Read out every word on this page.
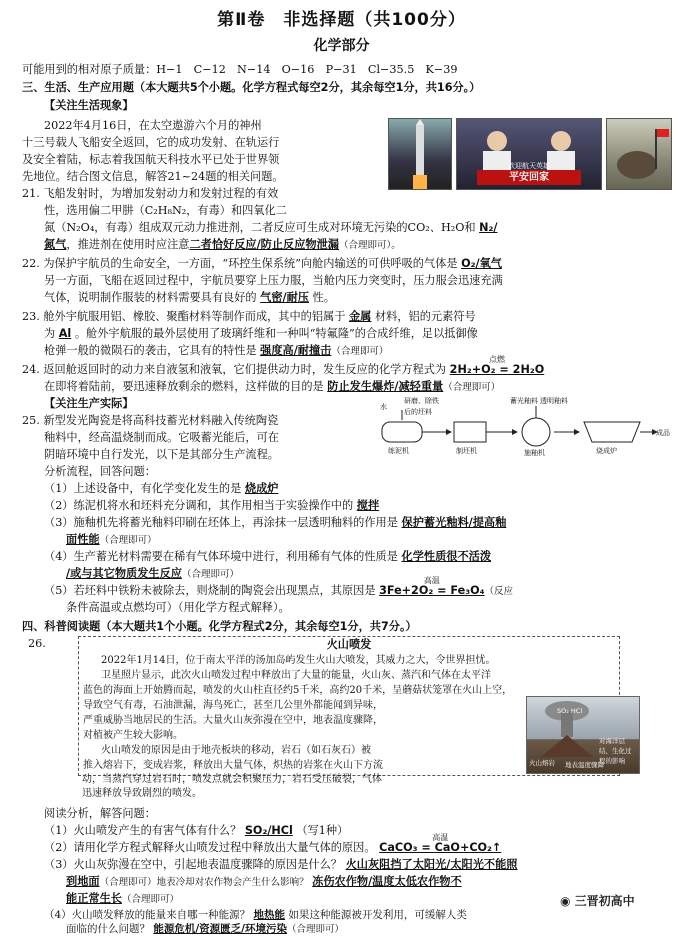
第Ⅱ卷　非选择题（共100分）
化学部分
可能用到的相对原子质量：H−1　C−12　N−14　O−16　P−31　Cl−35.5　K−39
三、生活、生产应用题（本大题共5个小题。化学方程式每空2分，其余每空1分，共16分。）
【关注生活现象】
2022年4月16日，在太空遨游六个月的神州
十三号载人飞船安全返回，它的成功发射、在轨运行
及安全着陆，标志着我国航天科技水平已处于世界领
先地位。结合图文信息，解答21~24题的相关问题。
欢迎航天英雄
平安回家
21. 飞船发射时，为增加发射动力和发射过程的有效
性，选用偏二甲肼（C₂H₈N₂，有毒）和四氧化二
氮（N₂O₄，有毒）组成双元动力推进剂，二者反应可生成对环境无污染的CO₂、H₂O和 N₂/
氮气，推进剂在使用时应注意二者恰好反应/防止反应物泄漏（合理即可）。
22. 为保护宇航员的生命安全，一方面，“环控生保系统”向舱内输送的可供呼吸的气体是 O₂/氧气
另一方面，飞船在返回过程中，宇航员要穿上压力服，当舱内压力突变时，压力服会迅速充满
气体，说明制作服装的材料需要具有良好的 气密/耐压 性。
23. 舱外宇航服用铝、橡胶、聚酯材料等制作而成，其中的铝属于 金属 材料，铝的元素符号
为 Al 。舱外宇航服的最外层使用了玻璃纤维和一种叫“特氟隆”的合成纤维，足以抵御像
枪弹一般的微陨石的袭击，它具有的特性是 强度高/耐撞击（合理即可）
24. 返回舱返回时的动力来自液氢和液氧，它们提供动力时，发生反应的化学方程式为
点燃
2H₂+O₂ = 2H₂O
在即将着陆前，要迅速释放剩余的燃料，这样做的目的是 防止发生爆炸/减轻重量（合理即可）
【关注生产实际】
25. 新型发光陶瓷是将高科技蓄光材料融入传统陶瓷
釉料中，经高温烧制而成。它吸蓄光能后，可在
阴暗环境中自行发光，以下是其部分生产流程。
分析流程，回答问题：
水
研磨、除铁后的坯料
蓄光釉料 透明釉料
练泥机	制坯机	施釉机	烧成炉
成品
（1）上述设备中，有化学变化发生的是 烧成炉
（2）练泥机将水和坯料充分调和，其作用相当于实验操作中的 搅拌
（3）施釉机先将蓄光釉料印刷在坯体上，再涂抹一层透明釉料的作用是 保护蓄光釉料/提高釉
面性能（合理即可）
（4）生产蓄光材料需要在稀有气体环境中进行，利用稀有气体的性质是 化学性质很不活泼
/或与其它物质发生反应（合理即可）
（5）若坯料中铁粉未被除去，则烧制的陶瓷会出现黑点，其原因是
高温
3Fe+2O₂ = Fe₃O₄（反应
条件高温或点燃均可）（用化学方程式解释）。
四、科普阅读题（本大题共1个小题。化学方程式2分，其余每空1分，共7分。）
26.	火山喷发
2022年1月14日，位于南太平洋的汤加岛屿发生火山大喷发，其威力之大，令世界担忧。
卫星照片显示，此次火山喷发过程中释放出了大量的能量，火山灰、蒸汽和气体在太平洋
蓝色的海面上开始腾而起，喷发的火山柱直径约5千米，高约20千米，呈蘑菇状笼罩在火山上空，
导致空气有毒，石油泄漏，海鸟死亡，甚至几公里外都能闻到异味，
严重威胁当地居民的生活。大量火山灰弥漫在空中，地表温度骤降，
对植被产生较大影响。
火山喷发的原因是由于地壳板块的移动，岩石（如石灰石）被
推入熔岩下，变成岩浆，释放出大量气体，炽热的岩浆在火山下方流
动，当蒸汽穿过岩石时，喷发点就会积聚压力，岩石受压破裂，气体
迅速释放导致剧烈的喷发。
SO₂ HCl
火山熔岩 地表温度骤降
对海洋层结、生化过程的影响
阅读分析，解答问题：
（1）火山喷发产生的有害气体有什么？ SO₂/HCl （写1种）
（2）请用化学方程式解释火山喷发过程中释放出大量气体的原因。
高温
CaCO₃ = CaO+CO₂↑
（3）火山灰弥漫在空中，引起地表温度骤降的原因是什么？ 火山灰阻挡了太阳光/太阳光不能照
到地面（合理即可）地表冷却对农作物会产生什么影响？ 冻伤农作物/温度太低农作物不
能正常生长（合理即可）
（4）火山喷发释放的能量来自哪一种能源？ 地热能 如果这种能源被开发利用，可缓解人类
面临的什么问题？ 能源危机/资源匮乏/环境污染（合理即可）
◉ 三晋初高中
